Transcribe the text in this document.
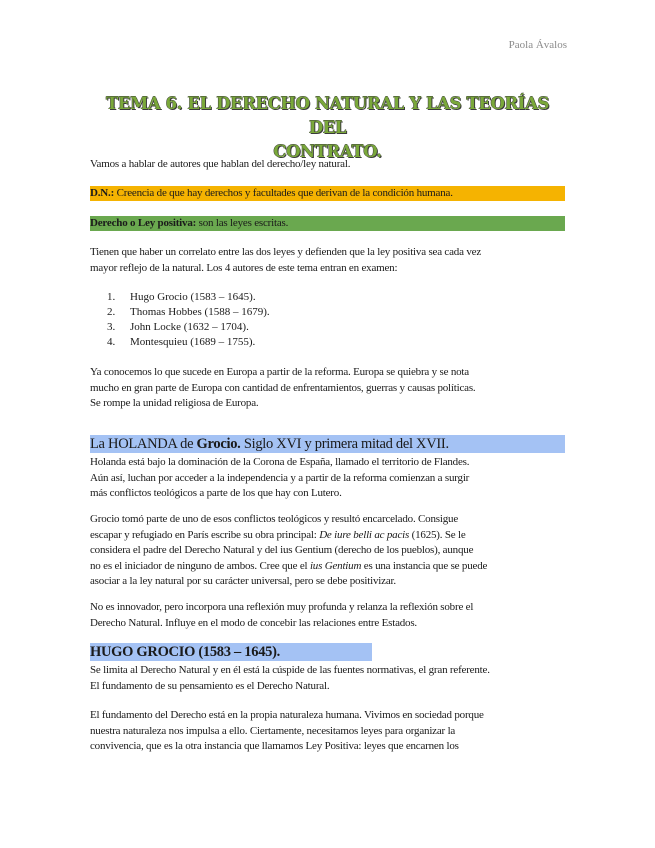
Paola Ávalos
TEMA 6. EL DERECHO NATURAL Y LAS TEORÍAS DEL
CONTRATO.
Vamos a hablar de autores que hablan del derecho/ley natural.
D.N.: Creencia de que hay derechos y facultades que derivan de la condición humana.
Derecho o Ley positiva: son las leyes escritas.
Tienen que haber un correlato entre las dos leyes y defienden que la ley positiva sea cada vez
mayor reflejo de la natural. Los 4 autores de este tema entran en examen:
1. Hugo Grocio (1583 – 1645).
2. Thomas Hobbes (1588 – 1679).
3. John Locke (1632 – 1704).
4. Montesquieu (1689 – 1755).
Ya conocemos lo que sucede en Europa a partir de la reforma. Europa se quiebra y se nota
mucho en gran parte de Europa con cantidad de enfrentamientos, guerras y causas políticas.
Se rompe la unidad religiosa de Europa.
La HOLANDA de Grocio. Siglo XVI y primera mitad del XVII.
Holanda está bajo la dominación de la Corona de España, llamado el territorio de Flandes.
Aún así, luchan por acceder a la independencia y a partir de la reforma comienzan a surgir
más conflictos teológicos a parte de los que hay con Lutero.
Grocio tomó parte de uno de esos conflictos teológicos y resultó encarcelado. Consigue
escapar y refugiado en París escribe su obra principal: De iure belli ac pacis (1625). Se le
considera el padre del Derecho Natural y del ius Gentium (derecho de los pueblos), aunque
no es el iniciador de ninguno de ambos. Cree que el ius Gentium es una instancia que se puede
asociar a la ley natural por su carácter universal, pero se debe positivizar.
No es innovador, pero incorpora una reflexión muy profunda y relanza la reflexión sobre el
Derecho Natural. Influye en el modo de concebir las relaciones entre Estados.
HUGO GROCIO (1583 – 1645).
Se limita al Derecho Natural y en él está la cúspide de las fuentes normativas, el gran referente.
El fundamento de su pensamiento es el Derecho Natural.
El fundamento del Derecho está en la propia naturaleza humana. Vivimos en sociedad porque
nuestra naturaleza nos impulsa a ello. Ciertamente, necesitamos leyes para organizar la
convivencia, que es la otra instancia que llamamos Ley Positiva: leyes que encarnen los
